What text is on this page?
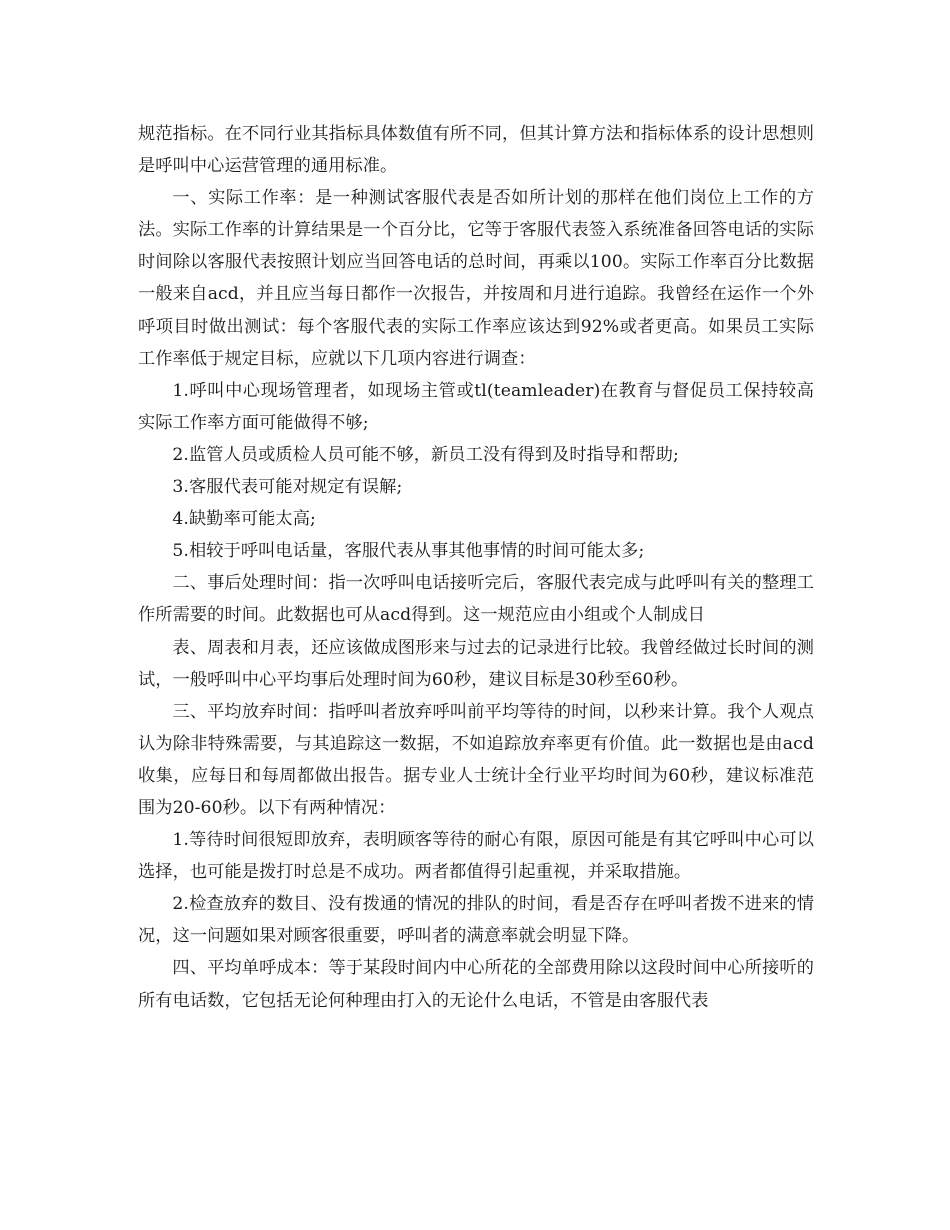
规范指标。在不同行业其指标具体数值有所不同，但其计算方法和指标体系的设计思想则是呼叫中心运营管理的通用标准。

一、实际工作率：是一种测试客服代表是否如所计划的那样在他们岗位上工作的方法。实际工作率的计算结果是一个百分比，它等于客服代表签入系统准备回答电话的实际时间除以客服代表按照计划应当回答电话的总时间，再乘以100。实际工作率百分比数据一般来自acd，并且应当每日都作一次报告，并按周和月进行追踪。我曾经在运作一个外呼项目时做出测试：每个客服代表的实际工作率应该达到92%或者更高。如果员工实际工作率低于规定目标，应就以下几项内容进行调查：

1.呼叫中心现场管理者，如现场主管或tl(teamleader)在教育与督促员工保持较高实际工作率方面可能做得不够;

2.监管人员或质检人员可能不够，新员工没有得到及时指导和帮助;

3.客服代表可能对规定有误解;

4.缺勤率可能太高;

5.相较于呼叫电话量，客服代表从事其他事情的时间可能太多;

二、事后处理时间：指一次呼叫电话接听完后，客服代表完成与此呼叫有关的整理工作所需要的时间。此数据也可从acd得到。这一规范应由小组或个人制成日

表、周表和月表，还应该做成图形来与过去的记录进行比较。我曾经做过长时间的测试，一般呼叫中心平均事后处理时间为60秒，建议目标是30秒至60秒。

三、平均放弃时间：指呼叫者放弃呼叫前平均等待的时间，以秒来计算。我个人观点认为除非特殊需要，与其追踪这一数据，不如追踪放弃率更有价值。此一数据也是由acd收集，应每日和每周都做出报告。据专业人士统计全行业平均时间为60秒，建议标准范围为20-60秒。以下有两种情况：

1.等待时间很短即放弃，表明顾客等待的耐心有限，原因可能是有其它呼叫中心可以选择，也可能是拨打时总是不成功。两者都值得引起重视，并采取措施。

2.检查放弃的数目、没有拨通的情况的排队的时间，看是否存在呼叫者拨不进来的情况，这一问题如果对顾客很重要，呼叫者的满意率就会明显下降。

四、平均单呼成本：等于某段时间内中心所花的全部费用除以这段时间中心所接听的所有电话数，它包括无论何种理由打入的无论什么电话，不管是由客服代表
